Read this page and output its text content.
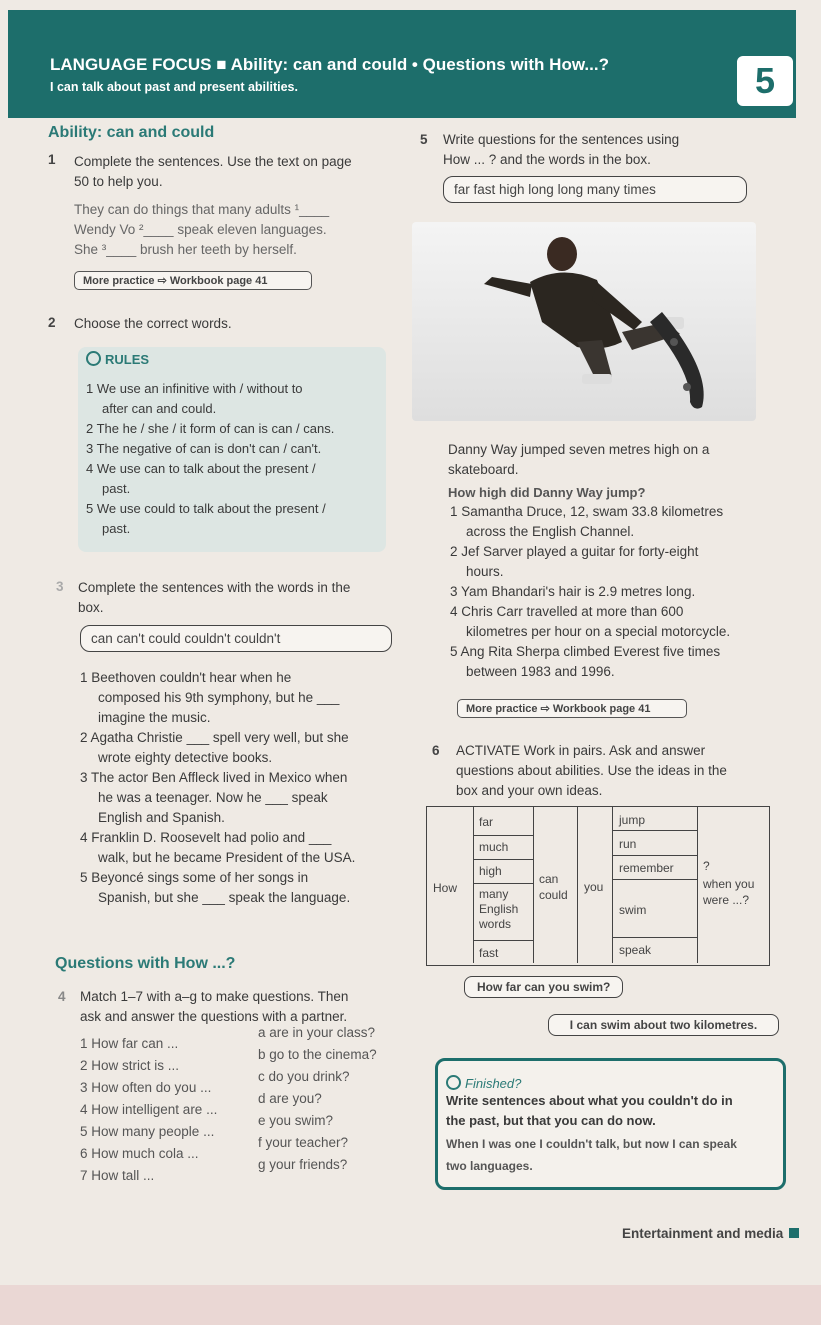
LANGUAGE FOCUS ■ Ability: can and could • Questions with How...?
I can talk about past and present abilities.	5
Ability: can and could
1 Complete the sentences. Use the text on page
50 to help you.
They can do things that many adults ¹____
Wendy Vo ²____ speak eleven languages.
She ³____ brush her teeth by herself.
More practice ⇨ Workbook page 41
2 Choose the correct words.
RULES
1 We use an infinitive with / without to
after can and could.
2 The he / she / it form of can is can / cans.
3 The negative of can is don't can / can't.
4 We use can to talk about the present /
past.
5 We use could to talk about the present /
past.
3 Complete the sentences with the words in the
box.
can can't could couldn't couldn't
1 Beethoven couldn't hear when he
composed his 9th symphony, but he ___
imagine the music.
2 Agatha Christie ___ spell very well, but she
wrote eighty detective books.
3 The actor Ben Affleck lived in Mexico when
he was a teenager. Now he ___ speak
English and Spanish.
4 Franklin D. Roosevelt had polio and ___
walk, but he became President of the USA.
5 Beyoncé sings some of her songs in
Spanish, but she ___ speak the language.
Questions with How ...?
4 Match 1–7 with a–g to make questions. Then
ask and answer the questions with a partner.
1 How far can ...
2 How strict is ...
3 How often do you ...
4 How intelligent are ...
5 How many people ...
6 How much cola ...
7 How tall ...
a are in your class?
b go to the cinema?
c do you drink?
d are you?
e you swim?
f your teacher?
g your friends?
5 Write questions for the sentences using
How ... ? and the words in the box.
far fast high long long many times
Danny Way jumped seven metres high on a
skateboard.
How high did Danny Way jump?
1 Samantha Druce, 12, swam 33.8 kilometres
across the English Channel.
2 Jef Sarver played a guitar for forty-eight
hours.
3 Yam Bhandari's hair is 2.9 metres long.
4 Chris Carr travelled at more than 600
kilometres per hour on a special motorcycle.
5 Ang Rita Sherpa climbed Everest five times
between 1983 and 1996.
More practice ⇨ Workbook page 41
6 ACTIVATE Work in pairs. Ask and answer
questions about abilities. Use the ideas in the
box and your own ideas.
How
far
much
high
many English words
fast
can
could
you
jump
run
remember
swim
speak
?
when you
were ...?
How far can you swim?
I can swim about two kilometres.
Finished?
Write sentences about what you couldn't do in
the past, but that you can do now.
When I was one I couldn't talk, but now I can speak
two languages.
Entertainment and media
